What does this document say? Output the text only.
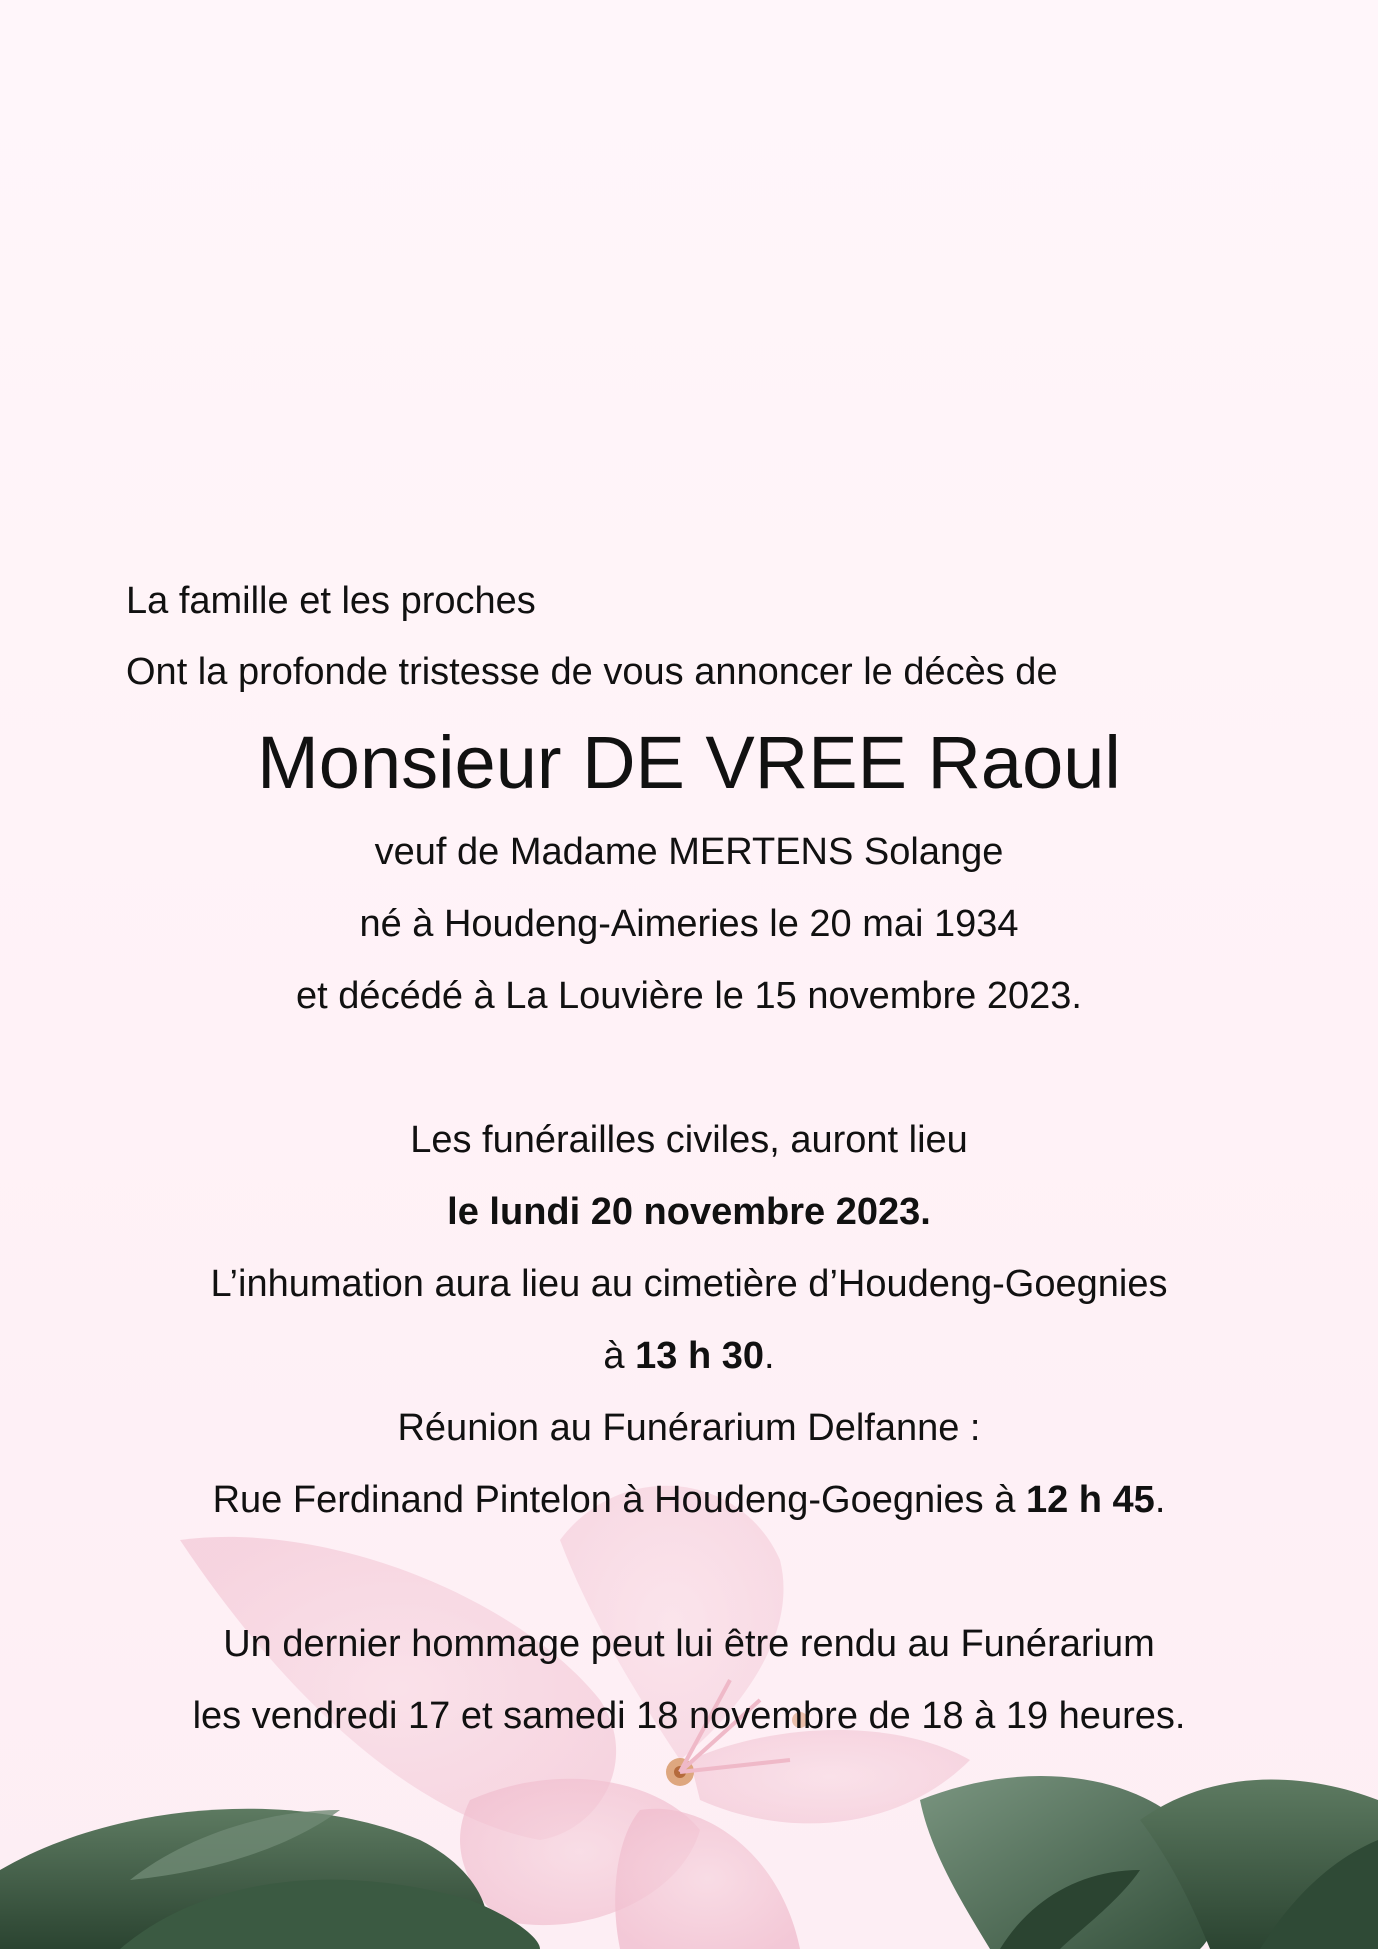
La famille et les proches
Ont la profonde tristesse de vous annoncer le décès de
Monsieur DE VREE Raoul
veuf de Madame MERTENS Solange
né à Houdeng-Aimeries le 20 mai 1934
et décédé à La Louvière le 15 novembre 2023.
Les funérailles civiles, auront lieu
le lundi 20 novembre 2023.
L’inhumation aura lieu au cimetière d’Houdeng-Goegnies
à 13 h 30.
Réunion au Funérarium Delfanne :
Rue Ferdinand Pintelon à Houdeng-Goegnies à 12 h 45.
Un dernier hommage peut lui être rendu au Funérarium
les vendredi 17 et samedi 18 novembre de 18 à 19 heures.
